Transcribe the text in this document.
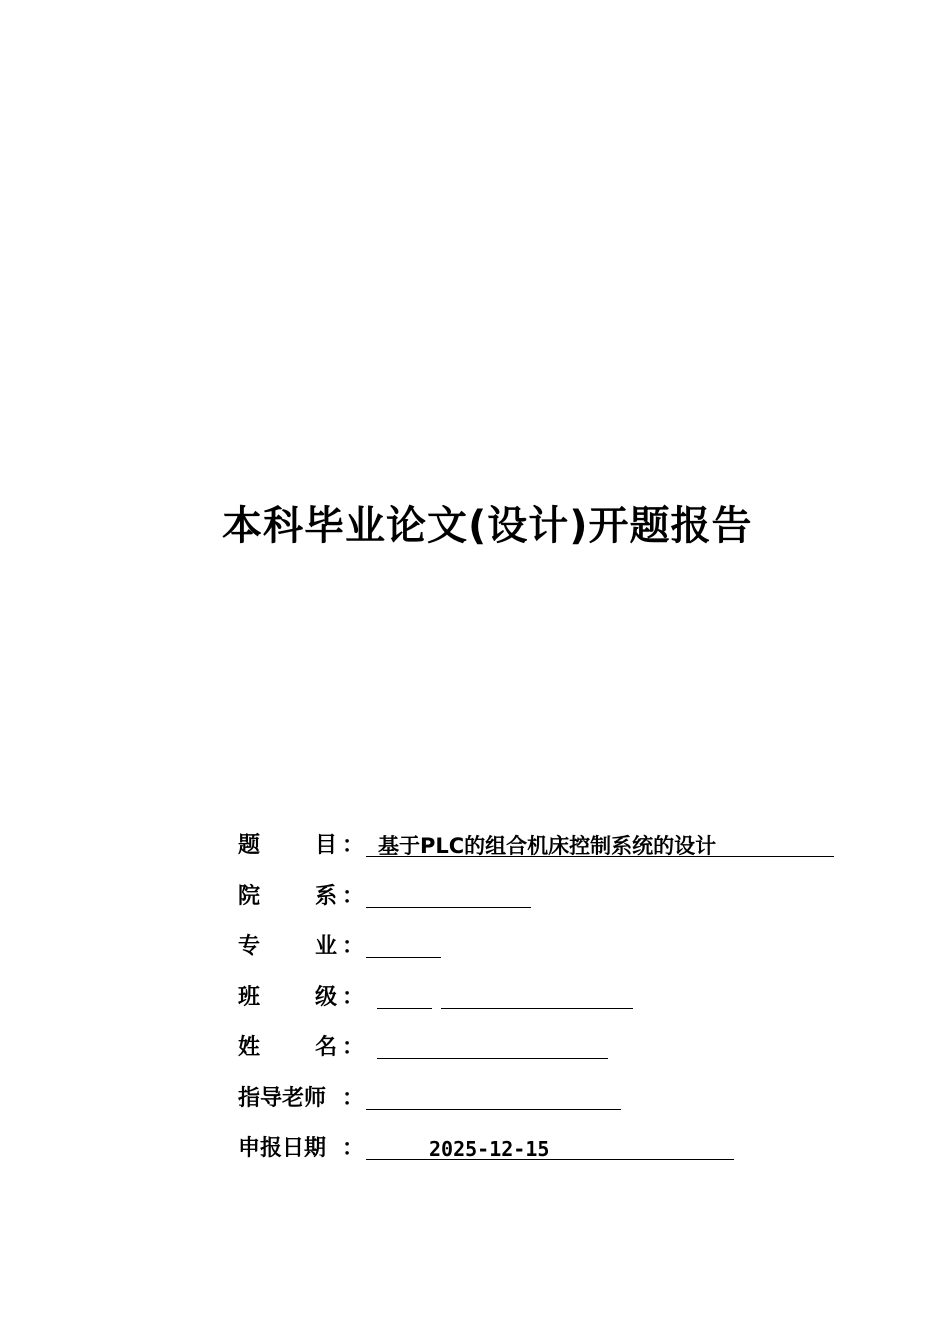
本科毕业论文(设计)开题报告
题 目 ： 基于PLC的组合机床控制系统的设计
院 系 ：
专 业 ：
班 级 ：
姓 名 ：
指导老师 ：
申报日期 ：	2025-12-15
